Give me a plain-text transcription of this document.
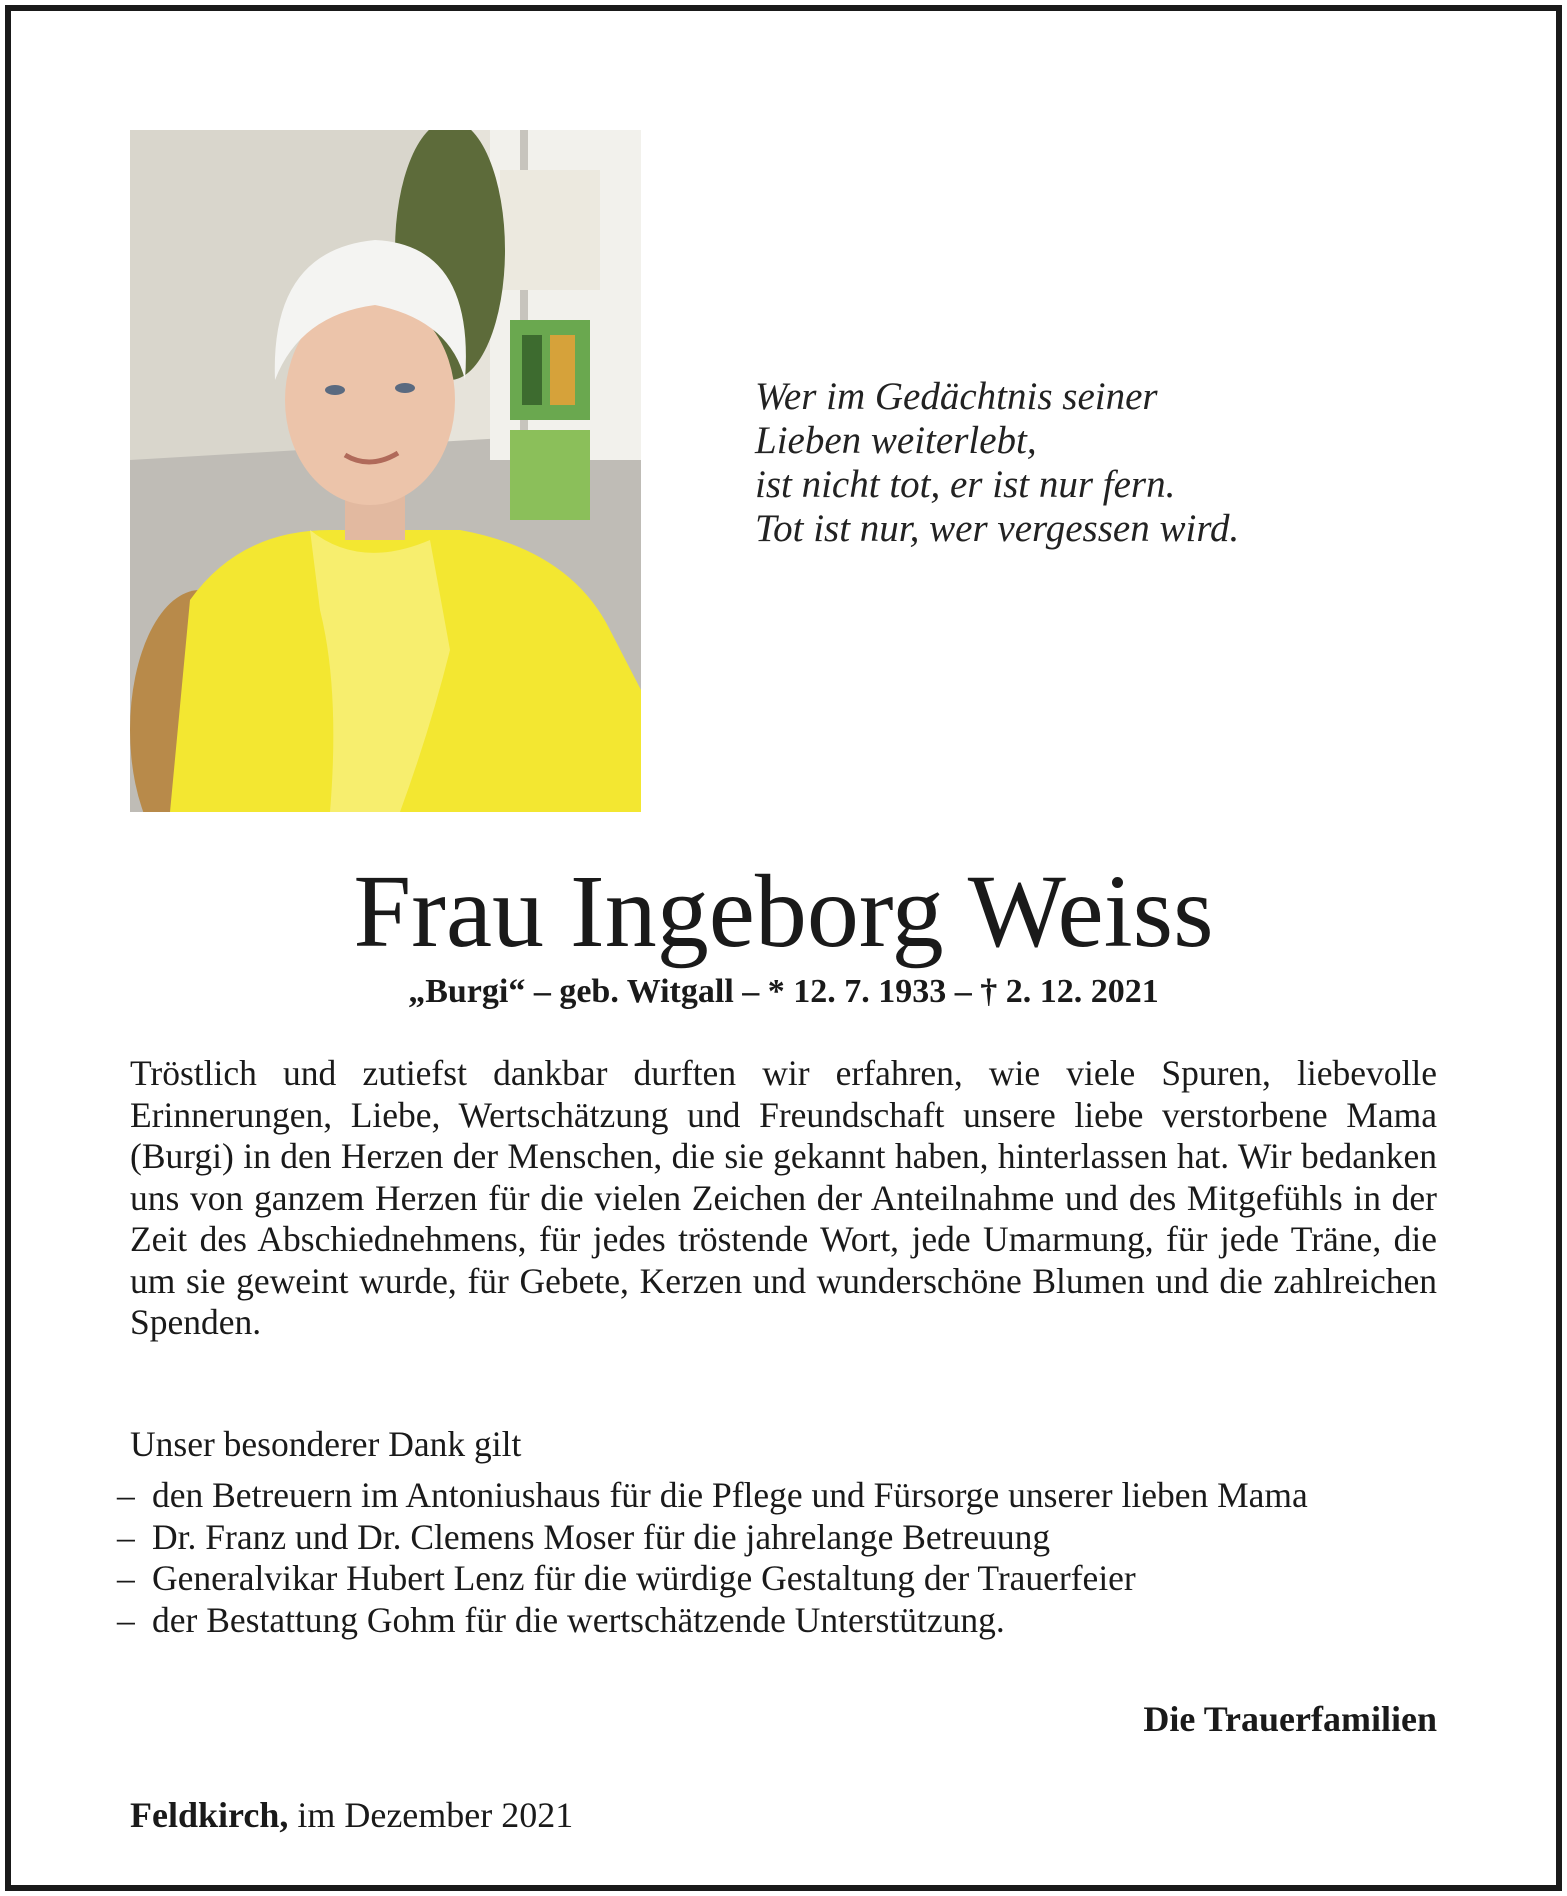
Wer im Gedächtnis seiner
Lieben weiterlebt,
ist nicht tot, er ist nur fern.
Tot ist nur, wer vergessen wird.
Frau Ingeborg Weiss
„Burgi“ – geb. Witgall – * 12. 7. 1933 – † 2. 12. 2021
Tröstlich und zutiefst dankbar durften wir erfahren, wie viele Spuren, liebevolle Erinnerungen, Liebe, Wertschätzung und Freundschaft unsere liebe verstorbene Mama (Burgi) in den Herzen der Menschen, die sie gekannt haben, hinterlassen hat. Wir bedanken uns von ganzem Herzen für die vielen Zeichen der Anteilnahme und des Mitgefühls in der Zeit des Abschiednehmens, für jedes tröstende Wort, jede Umarmung, für jede Träne, die um sie geweint wurde, für Gebete, Kerzen und wunderschöne Blumen und die zahlreichen Spenden.
Unser besonderer Dank gilt
– den Betreuern im Antoniushaus für die Pflege und Fürsorge unserer lieben Mama
– Dr. Franz und Dr. Clemens Moser für die jahrelange Betreuung
– Generalvikar Hubert Lenz für die würdige Gestaltung der Trauerfeier
– der Bestattung Gohm für die wertschätzende Unterstützung.
Die Trauerfamilien
Feldkirch, im Dezember 2021
